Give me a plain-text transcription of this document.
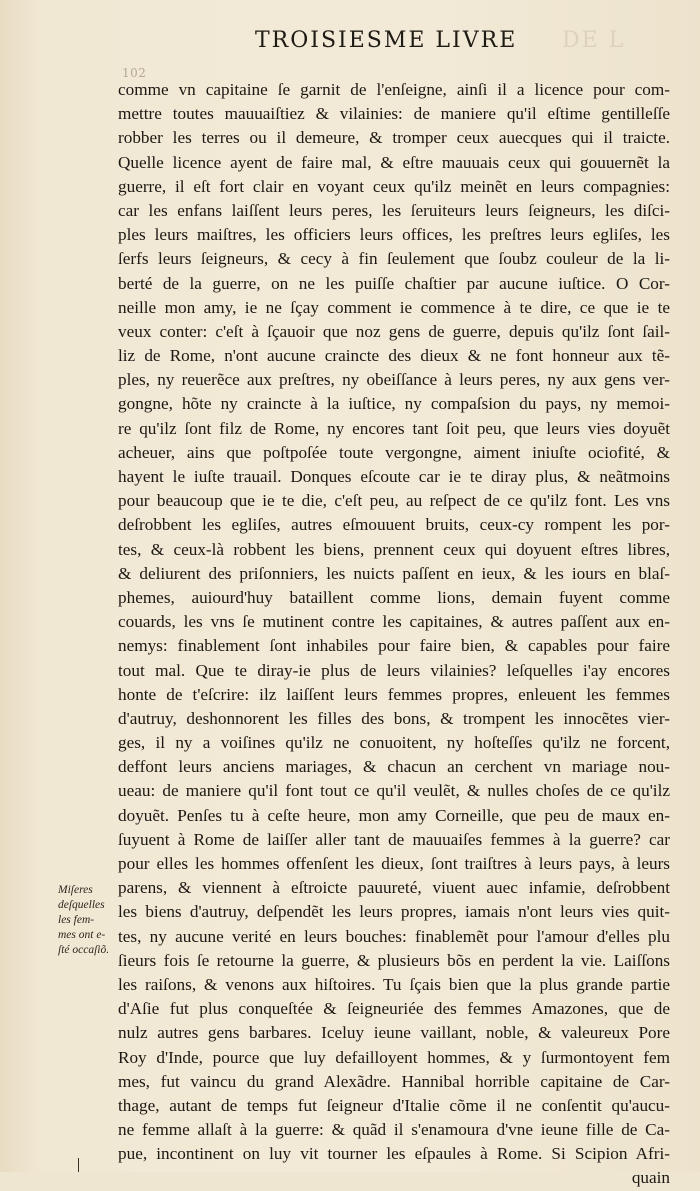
102
TROISIESME LIVRE DE L
comme vn capitaine ſe garnit de l'enſeigne, ainſi il a licence pour com-
mettre toutes mauuaiſtiez & vilainies: de maniere qu'il eſtime gentilleſſe
robber les terres ou il demeure, & tromper ceux auecques qui il traicte.
Quelle licence ayent de faire mal, & eſtre mauuais ceux qui gouuernẽt la
guerre, il eſt fort clair en voyant ceux qu'ilz meinẽt en leurs compagnies:
car les enfans laiſſent leurs peres, les ſeruiteurs leurs ſeigneurs, les diſci-
ples leurs maiſtres, les officiers leurs offices, les preſtres leurs egliſes, les
ſerfs leurs ſeigneurs, & cecy à fin ſeulement que ſoubz couleur de la li-
berté de la guerre, on ne les puiſſe chaſtier par aucune iuſtice. O Cor-
neille mon amy, ie ne ſçay comment ie commence à te dire, ce que ie te
veux conter: c'eſt à ſçauoir que noz gens de guerre, depuis qu'ilz ſont ſail-
liz de Rome, n'ont aucune craincte des dieux & ne font honneur aux tẽ-
ples, ny reuerẽce aux preſtres, ny obeiſſance à leurs peres, ny aux gens ver-
gongne, hõte ny craincte à la iuſtice, ny compaſsion du pays, ny memoi-
re qu'ilz ſont filz de Rome, ny encores tant ſoit peu, que leurs vies doyuẽt
acheuer, ains que poſtpoſée toute vergongne, aiment iniuſte ociofité, &
hayent le iuſte trauail. Donques eſcoute car ie te diray plus, & neãtmoins
pour beaucoup que ie te die, c'eſt peu, au reſpect de ce qu'ilz font. Les vns
deſrobbent les egliſes, autres eſmouuent bruits, ceux-cy rompent les por-
tes, & ceux-là robbent les biens, prennent ceux qui doyuent eſtres libres,
& deliurent des priſonniers, les nuicts paſſent en ieux, & les iours en blaſ-
phemes, auiourd'huy bataillent comme lions, demain fuyent comme
couards, les vns ſe mutinent contre les capitaines, & autres paſſent aux en-
nemys: finablement ſont inhabiles pour faire bien, & capables pour faire
tout mal. Que te diray-ie plus de leurs vilainies? leſquelles i'ay encores
honte de t'eſcrire: ilz laiſſent leurs femmes propres, enleuent les femmes
d'autruy, deshonnorent les filles des bons, & trompent les innocẽtes vier-
ges, il ny a voiſines qu'ilz ne conuoitent, ny hoſteſſes qu'ilz ne forcent,
deffont leurs anciens mariages, & chacun an cerchent vn mariage nou-
ueau: de maniere qu'il font tout ce qu'il veulẽt, & nulles choſes de ce qu'ilz
doyuẽt. Penſes tu à ceſte heure, mon amy Corneille, que peu de maux en-
ſuyuent à Rome de laiſſer aller tant de mauuaiſes femmes à la guerre? car
pour elles les hommes offenſent les dieux, ſont traiſtres à leurs pays, à leurs
parens, & viennent à eſtroicte pauureté, viuent auec infamie, deſrobbent
les biens d'autruy, deſpendẽt les leurs propres, iamais n'ont leurs vies quit-
tes, ny aucune verité en leurs bouches: finablemẽt pour l'amour d'elles plu
ſieurs fois ſe retourne la guerre, & plusieurs bõs en perdent la vie. Laiſſons
les raiſons, & venons aux hiſtoires. Tu ſçais bien que la plus grande partie
d'Aſie fut plus conqueſtée & ſeigneuriée des femmes Amazones, que de
nulz autres gens barbares. Iceluy ieune vaillant, noble, & valeureux Pore
Roy d'Inde, pource que luy defailloyent hommes, & y ſurmontoyent fem
mes, fut vaincu du grand Alexãdre. Hannibal horrible capitaine de Car-
thage, autant de temps fut ſeigneur d'Italie cõme il ne conſentit qu'aucu-
ne femme allaſt à la guerre: & quãd il s'enamoura d'vne ieune fille de Ca-
pue, incontinent on luy vit tourner les eſpaules à Rome. Si Scipion Afri-
quain
Miſeres
deſquelles
les fem-
mes ont e-
ſté occaſiõ.
